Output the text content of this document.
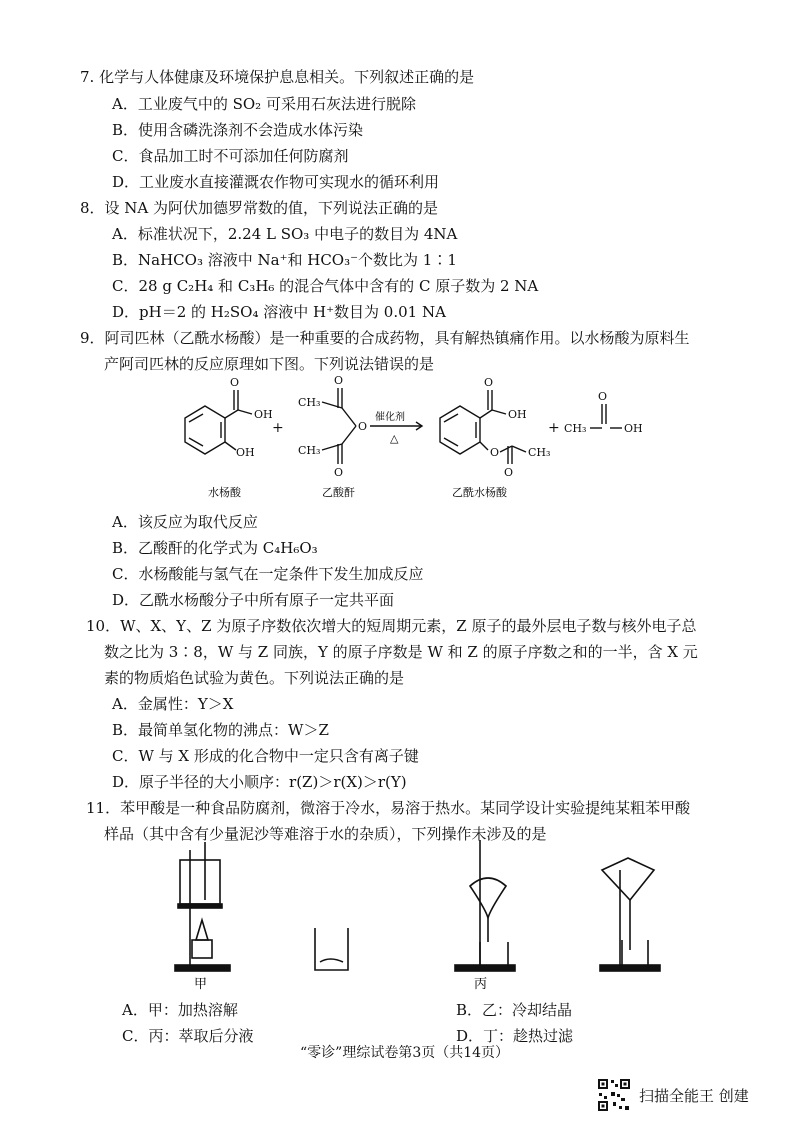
7. 化学与人体健康及环境保护息息相关。下列叙述正确的是
A．工业废气中的 SO₂ 可采用石灰法进行脱除
B．使用含磷洗涤剂不会造成水体污染
C．食品加工时不可添加任何防腐剂
D．工业废水直接灌溉农作物可实现水的循环利用
8．设 NA 为阿伏加德罗常数的值，下列说法正确的是
A．标准状况下，2.24 L SO₃ 中电子的数目为 4NA
B．NaHCO₃ 溶液中 Na⁺和 HCO₃⁻个数比为 1∶1
C．28 g C₂H₄ 和 C₃H₆ 的混合气体中含有的 C 原子数为 2 NA
D．pH＝2 的 H₂SO₄ 溶液中 H⁺数目为 0.01 NA
9．阿司匹林（乙酰水杨酸）是一种重要的合成药物，具有解热镇痛作用。以水杨酸为原料生
产阿司匹林的反应原理如下图。下列说法错误的是
O
OH
OH
CH₃
O
O
O
CH₃
O
OH
O
O
CH₃
CH₃
O
OH
+	+
催化剂
△
水杨酸	乙酸酐	乙酰水杨酸
A．该反应为取代反应
B．乙酸酐的化学式为 C₄H₆O₃
C．水杨酸能与氢气在一定条件下发生加成反应
D．乙酰水杨酸分子中所有原子一定共平面
10．W、X、Y、Z 为原子序数依次增大的短周期元素，Z 原子的最外层电子数与核外电子总
数之比为 3∶8，W 与 Z 同族，Y 的原子序数是 W 和 Z 的原子序数之和的一半，含 X 元
素的物质焰色试验为黄色。下列说法正确的是
A．金属性：Y＞X
B．最简单氢化物的沸点：W＞Z
C．W 与 X 形成的化合物中一定只含有离子键
D．原子半径的大小顺序：r(Z)＞r(X)＞r(Y)
11．苯甲酸是一种食品防腐剂，微溶于冷水，易溶于热水。某同学设计实验提纯某粗苯甲酸
样品（其中含有少量泥沙等难溶于水的杂质），下列操作未涉及的是
甲	丙
A．甲：加热溶解	B．乙：冷却结晶
C．丙：萃取后分液	D．丁：趁热过滤
“零诊”理综试卷第3页（共14页）
扫描全能王 创建
